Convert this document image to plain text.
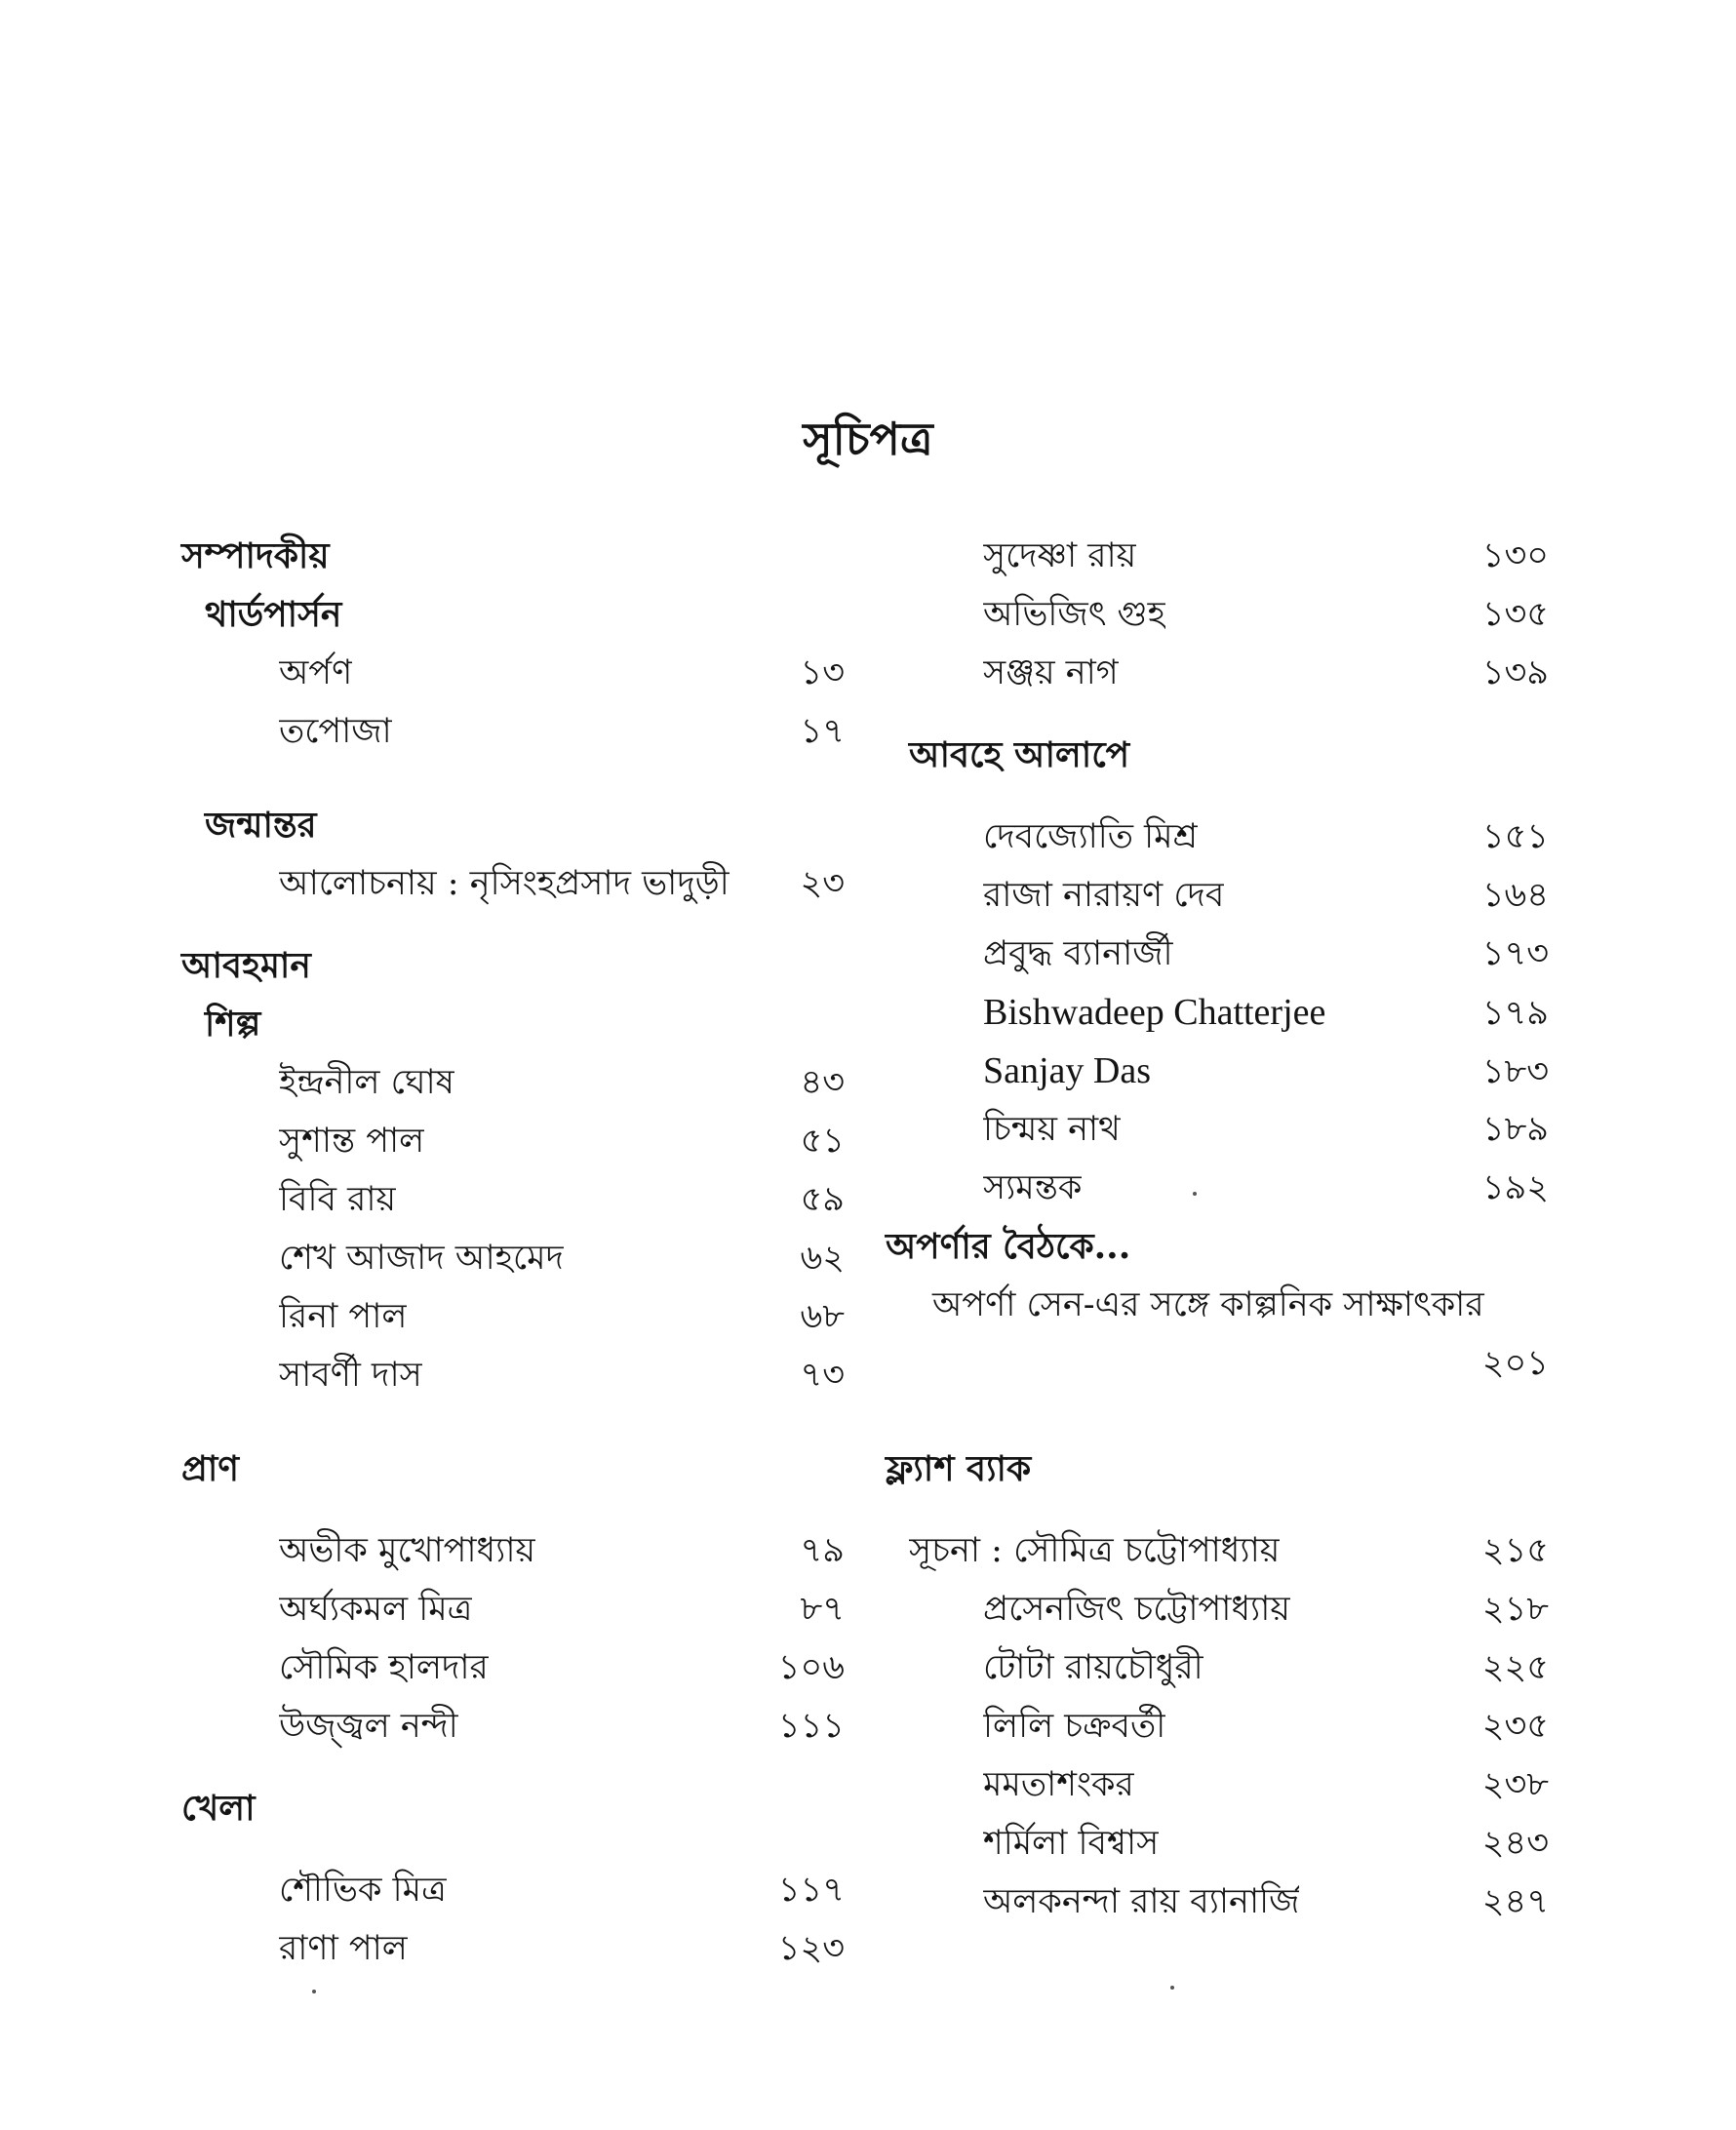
সূচিপত্র
সম্পাদকীয়
থার্ডপার্সন
অর্পণ	১৩
তপোজা	১৭
জন্মান্তর
আলোচনায় : নৃসিংহপ্রসাদ ভাদুড়ী ২৩
আবহমান
শিল্প
ইন্দ্রনীল ঘোষ	৪৩
সুশান্ত পাল	৫১
বিবি রায়	৫৯
শেখ আজাদ আহমেদ	৬২
রিনা পাল	৬৮
সাবর্ণী দাস	৭৩
প্রাণ
অভীক মুখোপাধ্যায়	৭৯
অর্ঘ্যকমল মিত্র	৮৭
সৌমিক হালদার	১০৬
উজ্জ্বল নন্দী	১১১
খেলা
শৌভিক মিত্র	১১৭
রাণা পাল	১২৩
সুদেষ্ণা রায়	১৩০
অভিজিৎ গুহ	১৩৫
সঞ্জয় নাগ	১৩৯
আবহে আলাপে
দেবজ্যোতি মিশ্র	১৫১
রাজা নারায়ণ দেব	১৬৪
প্রবুদ্ধ ব্যানার্জী	১৭৩
Bishwadeep Chatterjee	১৭৯
Sanjay Das	১৮৩
চিন্ময় নাথ	১৮৯
স্যমন্তক	১৯২
অপর্ণার বৈঠকে...
অপর্ণা সেন-এর সঙ্গে কাল্পনিক সাক্ষাৎকার
২০১
ফ্ল্যাশ ব্যাক
সূচনা : সৌমিত্র চট্টোপাধ্যায়	২১৫
প্রসেনজিৎ চট্টোপাধ্যায়	২১৮
টোটা রায়চৌধুরী	২২৫
লিলি চক্রবর্তী	২৩৫
মমতাশংকর	২৩৮
শর্মিলা বিশ্বাস	২৪৩
অলকনন্দা রায় ব্যানার্জি	২৪৭
